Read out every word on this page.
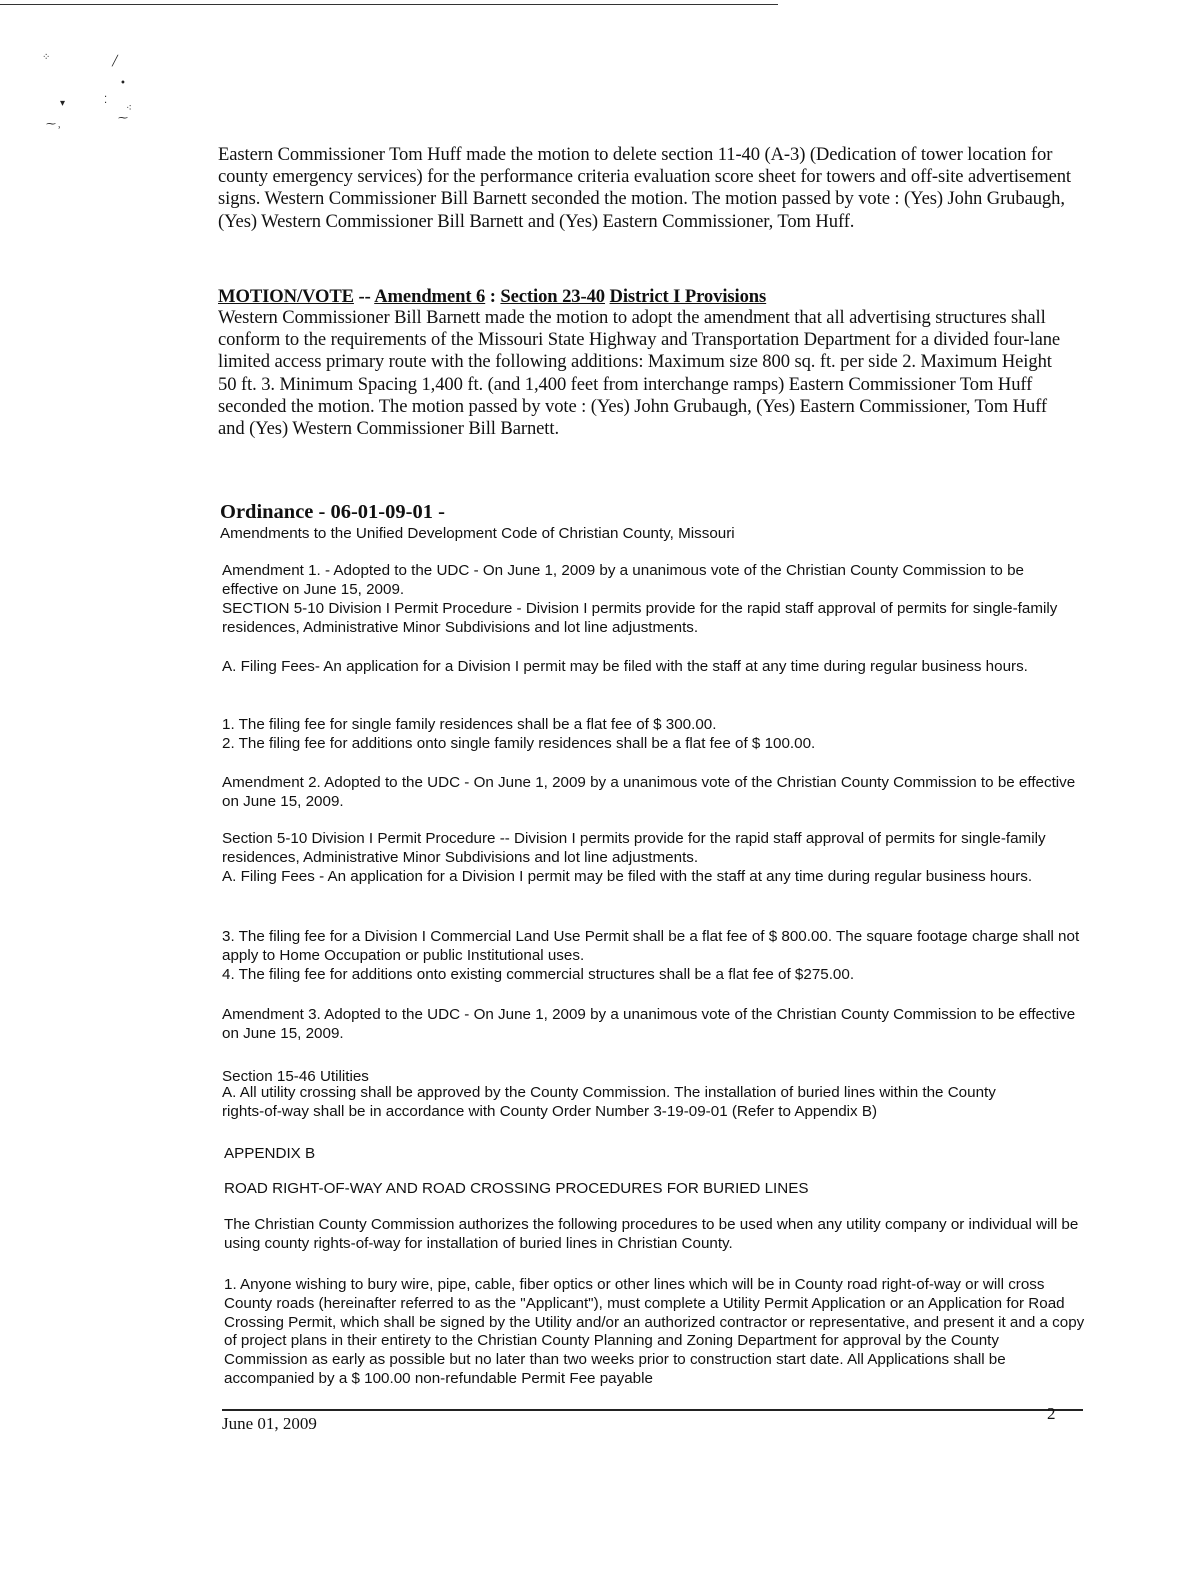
⁘	╱
•
⁚
▾	⁖
⁓
⁓ ˒

Eastern Commissioner Tom Huff made the motion to delete section 11-40 (A-3) (Dedication of tower location for county emergency services) for the performance criteria evaluation score sheet for towers and off-site advertisement signs. Western Commissioner Bill Barnett seconded the motion. The motion passed by vote : (Yes) John Grubaugh, (Yes) Western Commissioner Bill Barnett and (Yes) Eastern Commissioner, Tom Huff.

MOTION/VOTE -- Amendment 6 : Section 23-40 District I Provisions

Western Commissioner Bill Barnett made the motion to adopt the amendment that all advertising structures shall conform to the requirements of the Missouri State Highway and Transportation Department for a divided four-lane limited access primary route with the following additions: Maximum size 800 sq. ft. per side 2. Maximum Height 50 ft. 3. Minimum Spacing 1,400 ft. (and 1,400 feet from interchange ramps) Eastern Commissioner Tom Huff seconded the motion. The motion passed by vote : (Yes) John Grubaugh, (Yes) Eastern Commissioner, Tom Huff and (Yes) Western Commissioner Bill Barnett.

Ordinance - 06-01-09-01 -

Amendments to the Unified Development Code of Christian County, Missouri

Amendment 1. - Adopted to the UDC - On June 1, 2009 by a unanimous vote of the Christian County Commission to be effective on June 15, 2009.

SECTION 5-10 Division I Permit Procedure - Division I permits provide for the rapid staff approval of permits for single-family residences, Administrative Minor Subdivisions and lot line adjustments.

A. Filing Fees- An application for a Division I permit may be filed with the staff at any time during regular business hours.

1. The filing fee for single family residences shall be a flat fee of $ 300.00.

2. The filing fee for additions onto single family residences shall be a flat fee of $ 100.00.

Amendment 2. Adopted to the UDC - On June 1, 2009 by a unanimous vote of the Christian County Commission to be effective on June 15, 2009.

Section 5-10 Division I Permit Procedure -- Division I permits provide for the rapid staff approval of permits for single-family residences, Administrative Minor Subdivisions and lot line adjustments.

A. Filing Fees - An application for a Division I permit may be filed with the staff at any time during regular business hours.

3. The filing fee for a Division I Commercial Land Use Permit shall be a flat fee of $ 800.00. The square footage charge shall not apply to Home Occupation or public Institutional uses.

4. The filing fee for additions onto existing commercial structures shall be a flat fee of $275.00.

Amendment 3. Adopted to the UDC - On June 1, 2009 by a unanimous vote of the Christian County Commission to be effective on June 15, 2009.

Section 15-46 Utilities

A. All utility crossing shall be approved by the County Commission. The installation of buried lines within the County rights-of-way shall be in accordance with County Order Number 3-19-09-01 (Refer to Appendix B)

APPENDIX B

ROAD RIGHT-OF-WAY AND ROAD CROSSING PROCEDURES FOR BURIED LINES

The Christian County Commission authorizes the following procedures to be used when any utility company or individual will be using county rights-of-way for installation of buried lines in Christian County.

1. Anyone wishing to bury wire, pipe, cable, fiber optics or other lines which will be in County road right-of-way or will cross County roads (hereinafter referred to as the "Applicant"), must complete a Utility Permit Application or an Application for Road Crossing Permit, which shall be signed by the Utility and/or an authorized contractor or representative, and present it and a copy of project plans in their entirety to the Christian County Planning and Zoning Department for approval by the County Commission as early as possible but no later than two weeks prior to construction start date. All Applications shall be accompanied by a $ 100.00 non-refundable Permit Fee payable

June 01, 2009
2
